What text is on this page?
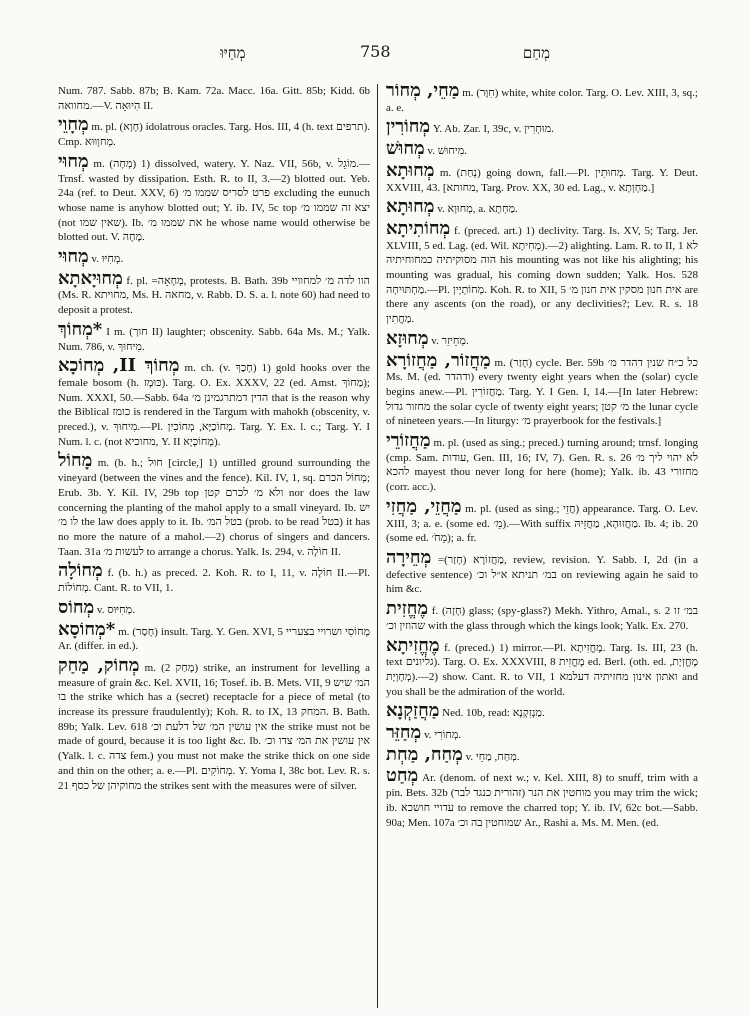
מְחַיּוּ	758	מְחַם

Num. 787. Sabb. 87b; B. Kam. 72a. Macc. 16a. Gitt. 85b; Kidd. 6b מחוואה.—V. הִיוּאָה II.

מְחָוֵי m. pl. (חָוָא) idolatrous oracles. Targ. Hos. III, 4 (h. text תרפים). Cmp. מְחוְוּוּא.

מְחוּי m. (מְחָה) 1) dissolved, watery. Y. Naz. VII, 56b, v. מוֹגֵל.—Trnsf. wasted by dissipation. Esth. R. to II, 3.—2) blotted out. Yeb. 24a (ref. to Deut. XXV, 6) פרט לסריס שממו מ׳ excluding the eunuch whose name is anyhow blotted out; Y. ib. IV, 5c top יצא זה שממו מ׳ (not שאין שמו). Ib. את שממו מ׳ he whose name would otherwise be blotted out. V. מָחָה.

מְחוּי v. מְחִיּוּ.

מְחוּיָאתָא f. pl. =מְחָאָה, protests. B. Bath. 39b הוו לדה מ׳ למחוויי (Ms. R. מחויתא, Ms. H. מחאה, v. Rabb. D. S. a. l. note 60) had need to deposit a protest.

*מְחוֹךְ I m. (חוך II) laughter; obscenity. Sabb. 64a Ms. M.; Yalk. Num. 786, v. מִיחוּךְ.

מְחוֹךְ II, מְחוֹכָא m. ch. (v. חָכַךְ) 1) gold hooks over the female bosom (h. כּוּמָז). Targ. O. Ex. XXXV, 22 (ed. Amst. מַחוֹךְ); Num. XXXI, 50.—Sabb. 64a הדין דמתרגמינן מ׳ that is the reason why the Biblical כומז is rendered in the Targum with mahokh (obscenity, v. preced.), v. מִיחוּךְ.—Pl. מְחוֹכַיָּא, מְחוֹכִין. Targ. Y. Ex. l. c.; Targ. Y. I Num. l. c. (not מחוכיא, Y. II מְחוֹכְיָא).

מָחוֹל m. (b. h.; חוּל [circle,] 1) untilled ground surrounding the vineyard (between the vines and the fence). Kil. IV, 1, sq. מְחוֹל הכרם; Erub. 3b. Y. Kil. IV, 29b top ולא מ׳ לכרם קטן nor does the law concerning the planting of the mahol apply to a small vineyard. Ib. יש לו מ׳ the law does apply to it. Ib. בטל המ׳ (prob. to be read בטל) it has no more the nature of a mahol.—2) chorus of singers and dancers. Taan. 31a לעשות מ׳ to arrange a chorus. Yalk. Is. 294, v. חוֹלָה II.

מְחוֹלָה f. (b. h.) as preced. 2. Koh. R. to I, 11, v. חוֹלָה II.—Pl. מְחוֹלוֹת. Cant. R. to VII, 1.

מְחוֹס v. מְחִיּוּס.

*מְחוֹסָא m. (חָסַר) insult. Targ. Y. Gen. XVI, 5 מְחוֹסִי ושרויי בצעריי Ar. (differ. in ed.).

מְחוֹק, מַחַק m. (מָחַק 2) strike, an instrument for levelling a measure of grain &c. Kel. XVII, 16; Tosef. ib. B. Mets. VII, 9 המ׳ שיש בו the strike which has a (secret) receptacle for a piece of metal (to increase its pressure fraudulently); Koh. R. to IX, 13 המחק. B. Bath. 89b; Yalk. Lev. 618 אין עושין המ׳ של דלעת וכ׳ the strike must not be made of gourd, because it is too light &c. Ib. אין עושין את המ׳ צדו וכ׳ (Yalk. l. c. צדה fem.) you must not make the strike thick on one side and thin on the other; a. e.—Pl. מְחוֹקִים. Y. Yoma I, 38c bot. Lev. R. s. 21 מחוקיהן של כסף the strikes sent with the measures were of silver.

מַחֵי, מְחוֹר m. (חִוָּר) white, white color. Targ. O. Lev. XIII, 3, sq.; a. e.

מְחוֹרִין Y. Ab. Zar. I, 39c, v. מוּחְרִין.

מְחוּשׁ v. מִיחוּשׁ.

מְחוּתָא m. (נְחַת) going down, fall.—Pl. מְחוּתִין. Targ. Y. Deut. XXVIII, 43. [מחותא, Targ. Prov. XX, 30 ed. Lag., v. מַחְוְתָא.]

מְחוּתָא v. מְחוּוָא, a. מַחְתָא.

מְחוֹתִיתָא f. (preced. art.) 1) declivity. Targ. Is. XV, 5; Targ. Jer. XLVIII, 5 ed. Lag. (ed. Wil. מְחִיתָא).—2) alighting. Lam. R. to II, 1 לא הוה מסוקיתיה כמחוחיתיה his mounting was not like his alighting; his mounting was gradual, his coming down sudden; Yalk. Hos. 528 מַחְתּוּיחָה.—Pl. מְחוֹתְיָין. Koh. R. to XII, 5 אית חנון מסקין אית חנון מ׳ are there any ascents (on the road), or any declivities?; Lev. R. s. 18 מַחֲתִין.

מְחוּזָא v. מְחֵיזֵר.

מַחֲזוֹר, מַחֲזוֹרָא m. (חָזַר) cycle. Ber. 59b כל כ״ח שנין דהדר מ׳ Ms. M. (ed. ודהדר) every twenty eight years when the (solar) cycle begins anew.—Pl. מַחֲזוֹרִין. Targ. Y. I Gen. I, 14.—[In later Hebrew: מחזור גדול the solar cycle of twenty eight years; מ׳ קטן the lunar cycle of nineteen years.—In liturgy: מ׳ prayerbook for the festivals.]

מַחֲזוֹרֵי m. pl. (used as sing.; preced.) turning around; trnsf. longing (cmp. Sam. עודות, Gen. III, 16; IV, 7). Gen. R. s. 26 לא יהוי ליך מ׳ להכא mayest thou never long for here (home); Yalk. ib. 43 מחזורי (corr. acc.).

מַחֲזֵי, מַחֲזִי m. pl. (used as sing.; חֲזֵי) appearance. Targ. O. Lev. XIII, 3; a. e. (some ed. מֵ׳).—With suffix מַחֲזוּהָא, מַחֲזֵיהּ. Ib. 4; ib. 20 (some ed. מֵחֹ׳); a. fr.

מְחֵירָה =(חָזַר) מַחֲזוֹרָא, review, revision. Y. Sabb. I, 2d (in a defective sentence) במ׳ תניתא א״ל וכ׳ on reviewing again he said to him &c.

מֶחֱזִית f. (חָזָה) glass; (spy-glass?) Mekh. Yithro, Amal., s. 2 במ׳ זו שהוזין וכ׳ with the glass through which the kings look; Yalk. Ex. 270.

מֶחֱזִיתָא f. (preced.) 1) mirror.—Pl. מֶחֱזִיתָא. Targ. Is. III, 23 (h. text גליונים). Targ. O. Ex. XXXVIII, 8 מֶחֱזִית ed. Berl. (oth. ed. מֶחֱזְיָת, מְחָוְיָת).—2) show. Cant. R. to VII, 1 ואתון אינון מחזיתיה דעלמא and you shall be the admiration of the world.

מַחֲזַקְנָא Ned. 10b, read: מַנְזִקְנָא.

מְחַזֵּר v. מְחוֹרִי.

מְחַח, מַחְת v. מְחַח, מַחֵי.

מְחַט Ar. (denom. of next w.; v. Kel. XIII, 8) to snuff, trim with a pin. Bets. 32b מוחטין את הנר (זהורית כנגד לבר) you may trim the wick; ib. עדויי חושכא to remove the charred top; Y. ib. IV, 62c bot.—Sabb. 90a; Men. 107a שמוחטין בה וכ׳ Ar., Rashi a. Ms. M. Men. (ed.
